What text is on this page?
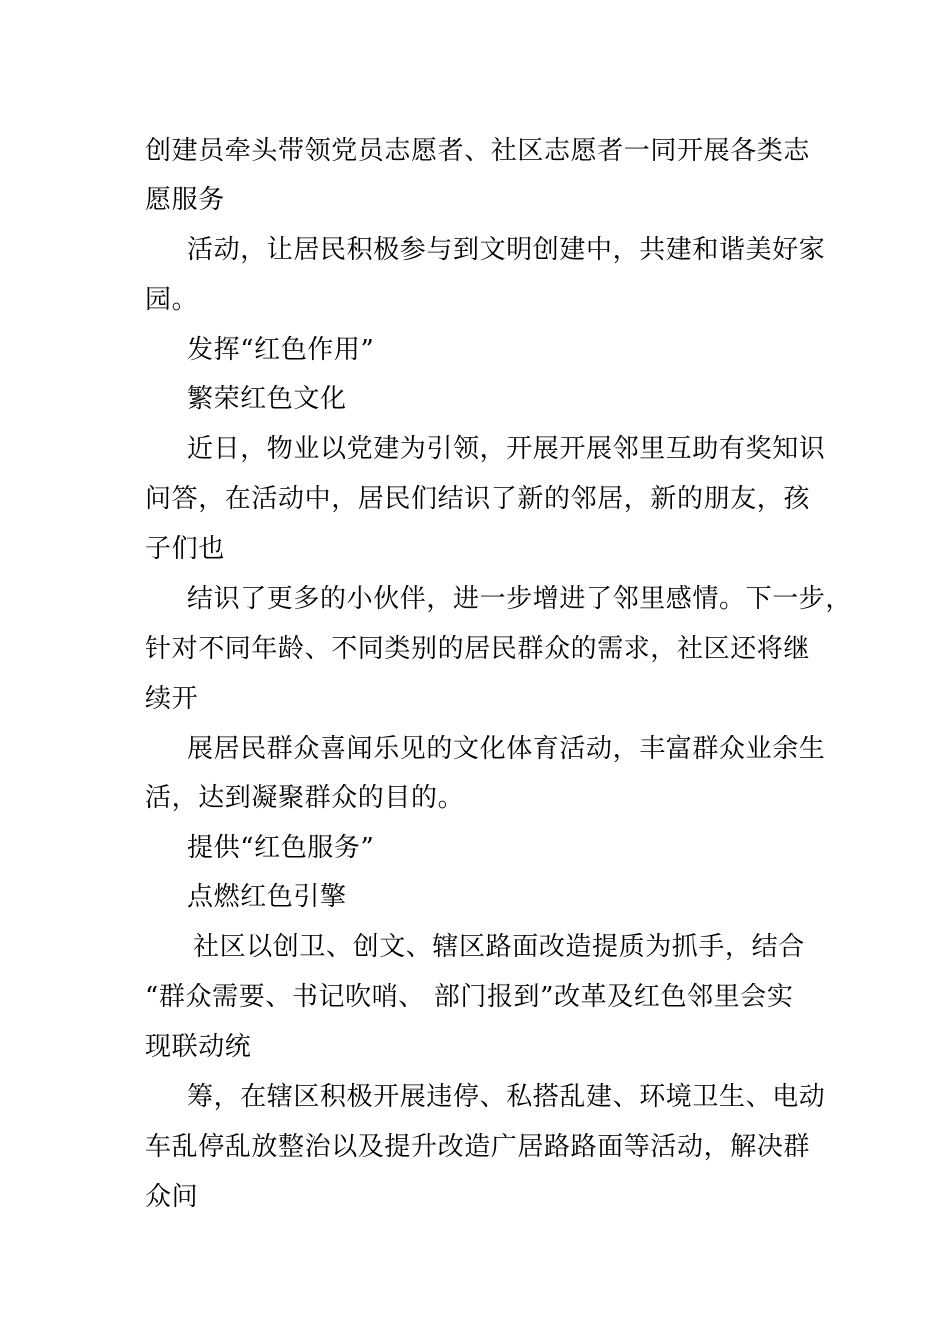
创建员牵头带领党员志愿者、社区志愿者一同开展各类志
愿服务
活动，让居民积极参与到文明创建中，共建和谐美好家
园。
发挥“红色作用”
繁荣红色文化
近日，物业以党建为引领，开展开展邻里互助有奖知识
问答，在活动中，居民们结识了新的邻居，新的朋友，孩
子们也
结识了更多的小伙伴，进一步增进了邻里感情。下一步，
针对不同年龄、不同类别的居民群众的需求，社区还将继
续开
展居民群众喜闻乐见的文化体育活动，丰富群众业余生
活，达到凝聚群众的目的。
提供“红色服务”
点燃红色引擎
社区以创卫、创文、辖区路面改造提质为抓手，结合
“群众需要、书记吹哨、 部门报到”改革及红色邻里会实
现联动统
筹，在辖区积极开展违停、私搭乱建、环境卫生、电动
车乱停乱放整治以及提升改造广居路路面等活动，解决群
众问
